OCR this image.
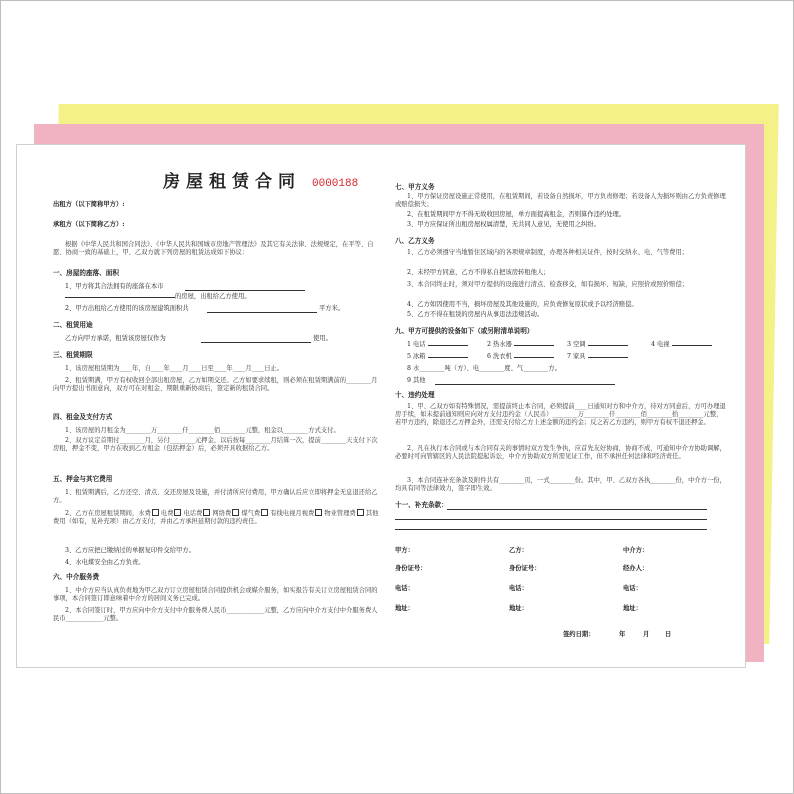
房屋租赁合同 0000188
出租方（以下简称甲方）:
承租方（以下简称乙方）:
根据《中华人民共和国合同法》、《中华人民共和国城市房地产管理法》及其它有关法律、法规规定，在平等、自愿、协商一致的基础上，甲、乙双方就下列房屋的租赁达成如下协议：
一、房屋的座落、面积
1、甲方将其合法拥有的座落在本市
的房屋，出租给乙方使用。
2、甲方出租给乙方使用的该房屋建筑面积共	平方米。
二、租赁用途
乙方向甲方承诺，租赁该房屋仅作为	使用。
三、租赁期限
1、该房屋租赁期为____年，自____年____月____日至____年____月____日止。
2、租赁期满，甲方有权收回全部出租房屋，乙方如期交还。乙方如要求续租，则必须在租赁期满前的________月向甲方提出书面意向，双方可在对租金、期限重新协商后，签定新的租赁合同。
四、租金及支付方式
1、该房屋的月租金为________万________仟________佰________元整，租金以________方式支付。
2、双方议定首期付________月，另付________元押金，以后按每________月结算一次，提前________天支付下次房租，押金不变，甲方在收到乙方租金（包括押金）后，必须开具收据给乙方。
五、押金与其它费用
1、租赁期满后，乙方还空、清点、交还房屋及设施，并付清所应付费用，甲方确认后应立即将押金无息退还给乙方。
2、乙方在房屋租赁期间，水费 电费 电话费 网络费 煤气费 有线电视月视费 物业管理费 其他费用（如有，见补充项）由乙方支付，并由乙方承担延期付款的违约责任。
3、乙方应把已缴纳过的单据复印件交给甲方。
4、水电煤安全由乙方负责。
六、中介服务费
1、中介方应当认真负责地为甲乙双方订立房屋租赁合同提供机会或媒介服务，如实报告有关订立房屋租赁合同的事项，本合同签订即意味着中介方的居间义务已完成。
2、本合同签订时，甲方应向中介方支付中介服务费人民币____________元整，乙方应向中介方支付中介服务费人民币____________元整。
七、甲方义务
1、甲方保证房屋设施正常使用，在租赁期间，若设备自然损坏，甲方负责修理；若设备人为损坏则由乙方负责修理或赔偿损失；
2、在租赁期间甲方不得无故收回房屋，单方面提高租金，否则算作违约处理。
3、甲方应保证所出租房屋权属清楚，无共同人意见，无使用之纠纷。
八、乙方义务
1、乙方必须遵守当地暂住区域内的各项规章制度，办理各种相关证件，按时交纳水、电、气等费用；
2、未经甲方同意，乙方不得私自把该房转租他人；
3、本合同终止时，须对甲方提供的设施进行清点、检查移交，如有损坏、短缺，应照价或照价赔偿；
4、乙方如因使用不当，损坏房屋及其他设施的，应负责修复原状或予以经济赔偿。
5、乙方不得在租赁的房屋内从事违法违规活动。
九、甲方可提供的设备如下（或另附清单说明）
1 电话	2 热水器	3 空调	4 电视
5 冰箱	6 洗衣机	7 家具
8 水________吨（方）、电________度、气________方。
9 其他
十、违约处理
1、甲、乙双方如有特殊情况，需提前终止本合同，必须提前____日通知对方和中介方，待对方同意后，方可办理退房手续，如未提前通知则应向对方支付违约金（人民币）________万________仟________佰________拾________元整，若甲方违约，除退还乙方押金外，还需支付给乙方上述金额的违约金；反之若乙方违约，则甲方有权不退还押金。
2、凡在执行本合同或与本合同有关的事情时双方发生争执，应首先友好协商，协商不成，可通知中介方协助调解，必要时可向管辖区的人民法院提起诉讼，中介方协助双方所需见证工作，但不承担任何法律和经济责任。
3、本合同连补充条款及附件共有________页，一式________份。其中，甲、乙双方各执________份，中介方一份，均具有同等法律效力，签字即生效。
十一、补充条款：
甲方：	乙方：	中介方：
身份证号：	身份证号：	经办人：
电话：	电话：	电话：
地址：	地址：	地址：
签约日期：	年	月 日
